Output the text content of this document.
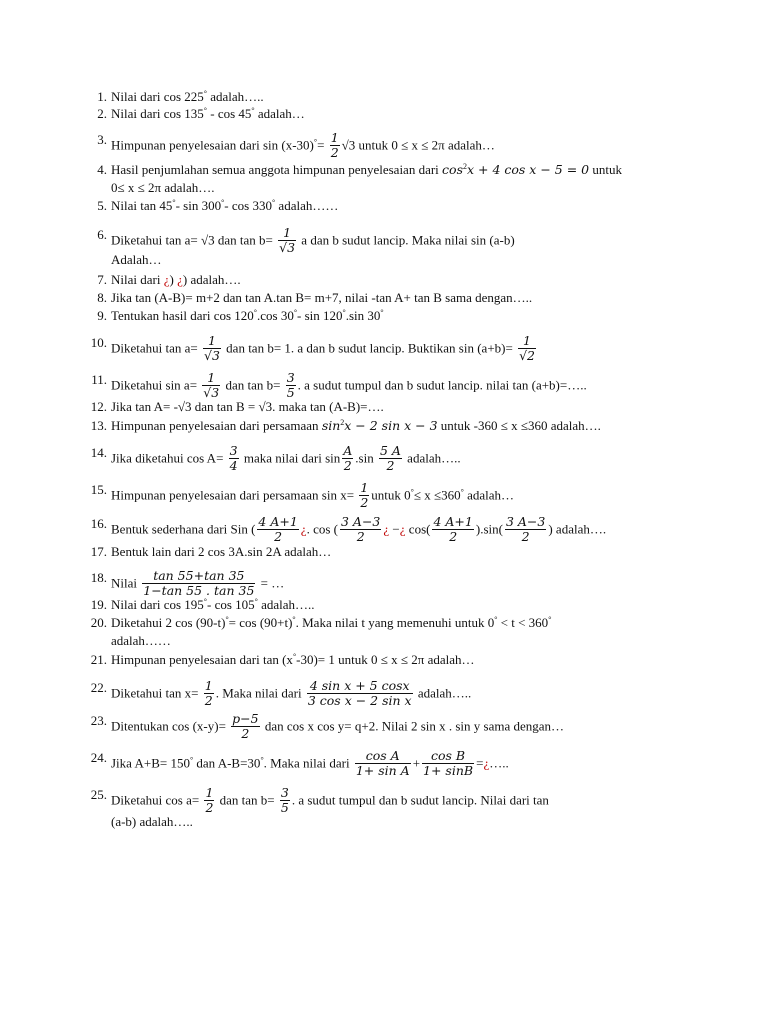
1. Nilai dari cos 225° adalah…..
2. Nilai dari cos 135° - cos 45° adalah…
3. Himpunan penyelesaian dari $\sin (x-30)^\circ= \frac{1}{2} √3$ untuk 0 ≤ x ≤ 2π adalah…
4. Hasil penjumlahan semua anggota himpunan penyelesaian dari $\cos^2x + 4$ cos x − 5 = 0 untuk
0≤ x ≤ 2π adalah….
5. Nilai tan 45°- sin 300°- cos 330° adalah……
6. Diketahui tan a= √3 dan $\tan b= \frac{1}{√3}$ a dan b sudut lancip. Maka nilai sin (a-b)
Adalah…
7. Nilai dari ¿) ¿) adalah….
8. Jika tan (A-B)= m+2 dan tan A.tan B= m+7, nilai -tan A+ tan B sama dengan…..
9. Tentukan hasil dari cos 120°.cos 30°- sin 120°.sin 30°
10. Diketahui $\tan a= \frac{1}{√3}$ dan tan b= 1. a dan b sudut lancip. Buktikan $\sin (a+b)= \frac{1}{√2}$
11. Diketahui $\sin a= \frac{1}{√3}$ dan $\tan b= \frac{3}{5}$ . a sudut tumpul dan b sudut lancip. nilai tan (a+b)=…..
12. Jika tan A= -√3 dan tan B = √3. maka tan (A-B)=….
13. Himpunan penyelesaian dari persamaan $\sin^2x - 2$ sin x − 3 untuk -360 ≤ x ≤360 adalah….
14. Jika diketahui $\cos A= \frac{3}{4}$ maka nilai dari $\sin \frac{A}{2} .\sin \frac{5 A}{2}$ adalah…..
15. Himpunan penyelesaian dari persamaan $\sin x= \frac{1}{2}$ untuk 0°≤ x ≤360° adalah…
16. Bentuk sederhana dari Sin ( $\frac{4 A+1}{2}$ ¿. cos ( $\frac{3 A-3}{2}$ ¿ −¿ $\cos( \frac{4 A+1}{2} ).\sin( \frac{3 A-3}{2}$ ) adalah….
17. Bentuk lain dari 2 cos 3A.sin 2A adalah…
18. Nilai $\frac{\tan 55+\tan 35}{1-\tan 55 . \tan 35}$ = …
19. Nilai dari cos 195°- cos 105° adalah…..
20. Diketahui 2 cos (90-t)°= cos (90+t)°. Maka nilai t yang memenuhi untuk 0° < t < 360°
adalah……
21. Himpunan penyelesaian dari tan (x°-30)= 1 untuk 0 ≤ x ≤ 2π adalah…
22. Diketahui $\tan x= \frac{1}{2}$ . Maka nilai dari $\frac{\text{4 sin x + 5 cosx}}{\text{3 cos x − 2 sin x}}$ adalah…..
23. Ditentukan $\cos (x-y)= \frac{p-5}{2}$ dan cos x cos y= q+2. Nilai 2 sin x . sin y sama dengan…
24. Jika A+B= 150° dan A-B=30°. Maka nilai dari $\frac{\text{cos A}}{\text{1+ sin A}} + \frac{\text{cos B}}{1+ \sin B}$ =¿…..
25. Diketahui $\cos a= \frac{1}{2}$ dan $\tan b= \frac{3}{5}$ . a sudut tumpul dan b sudut lancip. Nilai dari tan
(a-b) adalah…..
